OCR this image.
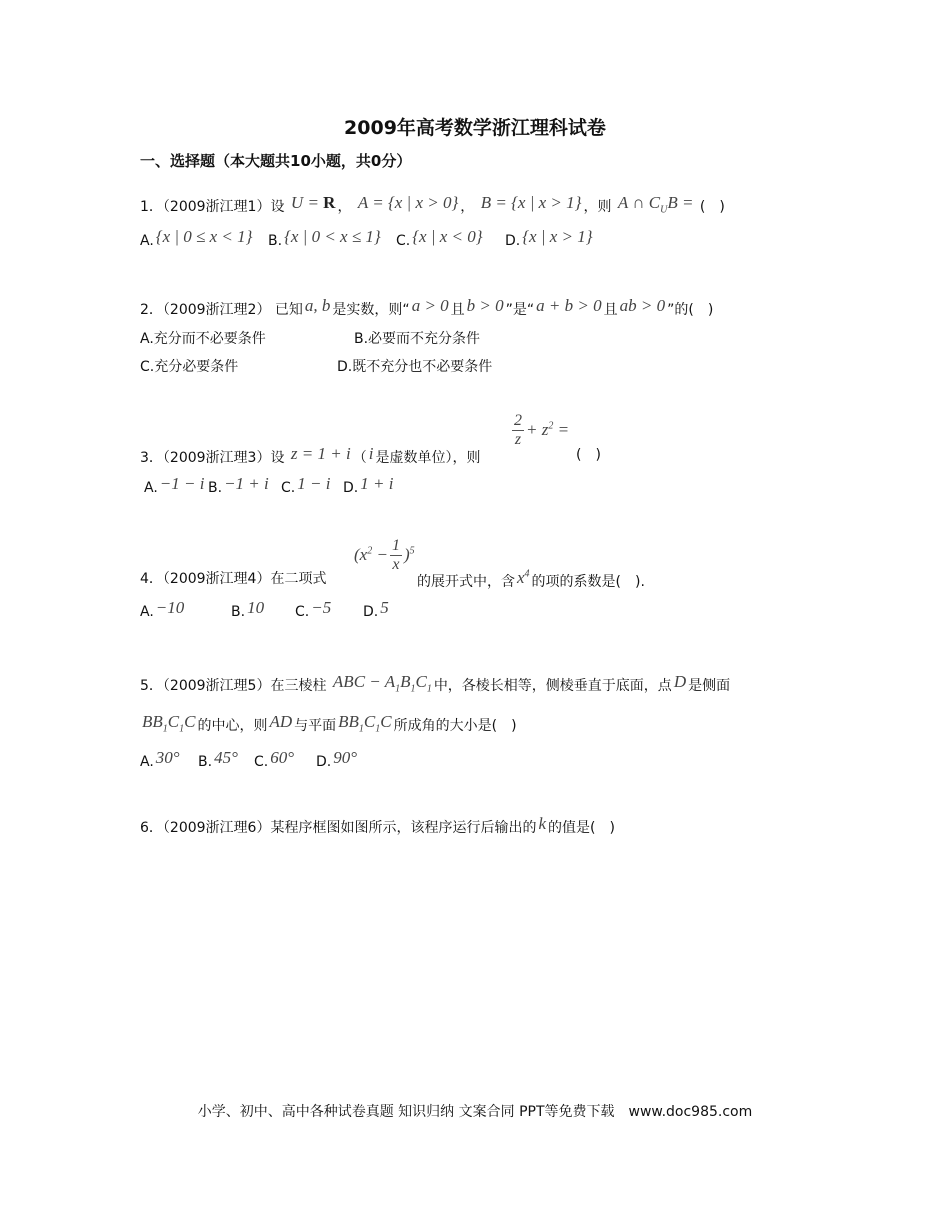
2009年高考数学浙江理科试卷
一、选择题（本大题共10小题，共0分）
1．（2009浙江理1）设 U = R ， A = {x | x > 0} ， B = {x | x > 1} ，则 A ∩ $C_UB$ = (　)
A. {x | 0 ≤ x < 1} B. {x | 0 < x ≤ 1} C. {x | x < 0} D. {x | x > 1}
2．（2009浙江理2） 已知 a, b 是实数，则“ a > 0 且 b > 0 ”是“ a + b > 0 且 ab > 0 ”的(　)
A.充分而不必要条件	B.必要而不充分条件
C.充分必要条件	D.既不充分也不必要条件
3．（2009浙江理3）设 z = 1 + i （ i 是虚数单位），则
$\frac{2}{z} + z^2$ =
(　)
A. −1 − i B. −1 + i C. 1 − i D. 1 + i
4．（2009浙江理4）在二项式
$(x^2 - \frac{1}{x} )^5$
的展开式中，含 $x^4$的项的系数是(　).
A. −10	B. 10 C. −5 D. 5
5．（2009浙江理5）在三棱柱 ABC − $A_1B_1C_1$ 中，各棱长相等，侧棱垂直于底面，点 D 是侧面
$BB_1C_1C$ 的中心，则 AD 与平面 $BB_1C_1C$ 所成角的大小是(　)
A. 30° B. 45° C. 60° D. 90°
6．（2009浙江理6）某程序框图如图所示，该程序运行后输出的 k 的值是(　)
小学、初中、高中各种试卷真题 知识归纳 文案合同 PPT等免费下载　www.doc985.com
